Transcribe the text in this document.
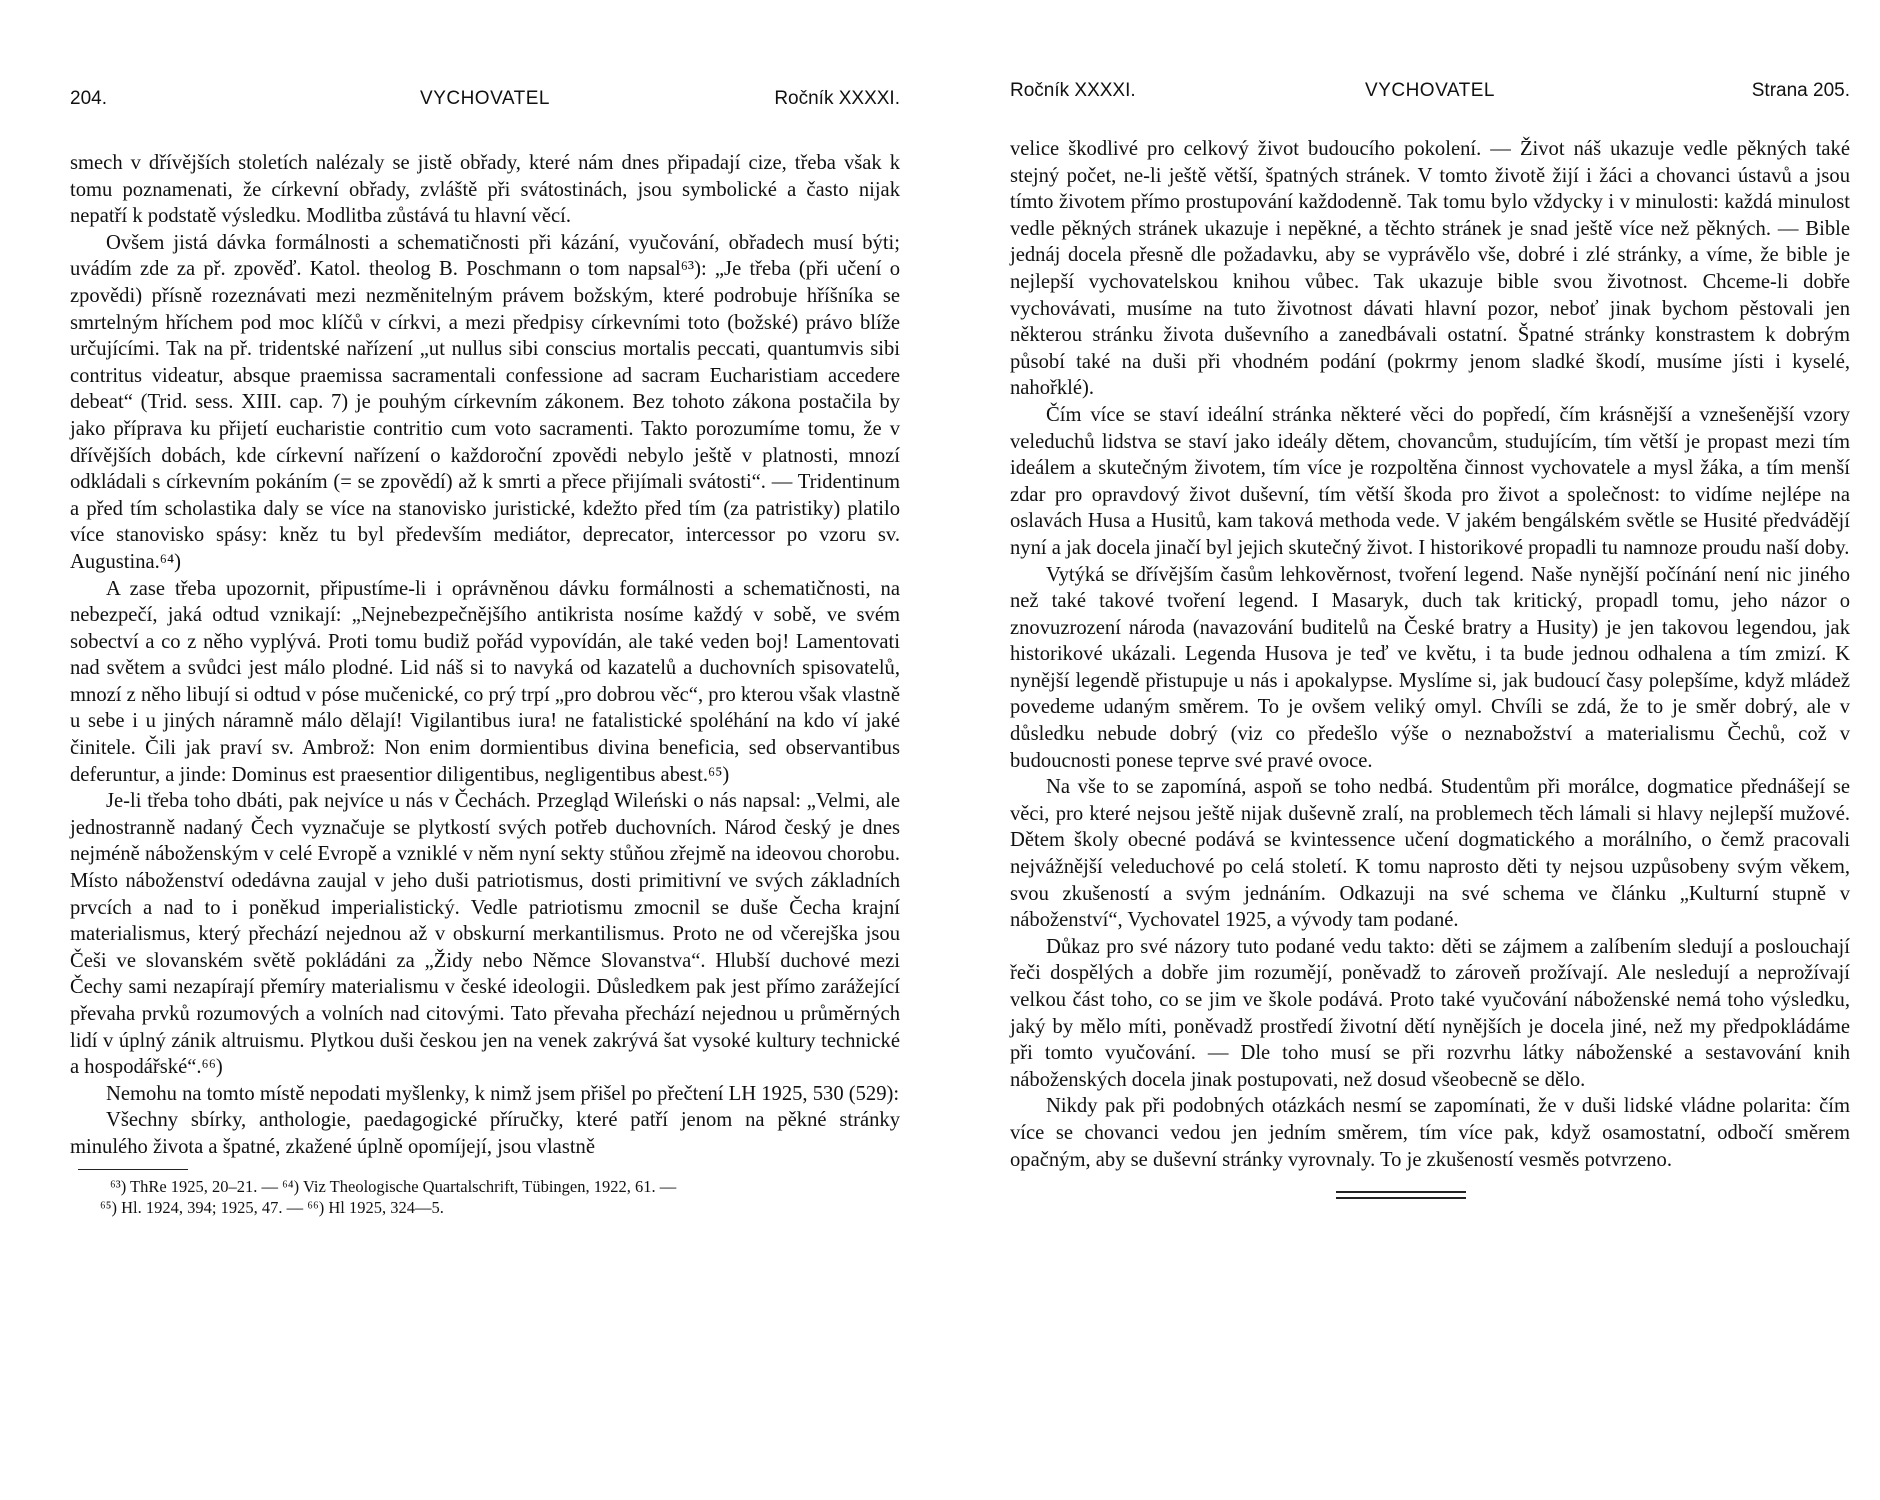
204.	VYCHOVATEL	Ročník XXXXI.

smech v dřívějších stoletích nalézaly se jistě obřady, které nám dnes připadají cize, třeba však k tomu poznamenati, že církevní obřady, zvláště při svátostinách, jsou symbolické a často nijak nepatří k podstatě výsledku. Modlitba zůstává tu hlavní věcí.

Ovšem jistá dávka formálnosti a schematičnosti při kázání, vyučování, obřadech musí býti; uvádím zde za př. zpověď. Katol. theolog B. Poschmann o tom napsal⁶³): „Je třeba (při učení o zpovědi) přísně rozeznávati mezi nezměnitelným právem božským, které podrobuje hříšníka se smrtelným hříchem pod moc klíčů v církvi, a mezi předpisy církevními toto (božské) právo blíže určujícími. Tak na př. tridentské nařízení „ut nullus sibi conscius mortalis peccati, quantumvis sibi contritus videatur, absque praemissa sacramentali confessione ad sacram Eucharistiam accedere debeat“ (Trid. sess. XIII. cap. 7) je pouhým církevním zákonem. Bez tohoto zákona postačila by jako příprava ku přijetí eucharistie contritio cum voto sacramenti. Takto porozumíme tomu, že v dřívějších dobách, kde církevní nařízení o každoroční zpovědi nebylo ještě v platnosti, mnozí odkládali s církevním pokáním (= se zpovědí) až k smrti a přece přijímali svátosti“. — Tridentinum a před tím scholastika daly se více na stanovisko juristické, kdežto před tím (za patristiky) platilo více stanovisko spásy: kněz tu byl především mediátor, deprecator, intercessor po vzoru sv. Augustina.⁶⁴)

A zase třeba upozornit, připustíme-li i oprávněnou dávku formálnosti a schematičnosti, na nebezpečí, jaká odtud vznikají: „Nejnebezpečnějšího antikrista nosíme každý v sobě, ve svém sobectví a co z něho vyplývá. Proti tomu budiž pořád vypovídán, ale také veden boj! Lamentovati nad světem a svůdci jest málo plodné. Lid náš si to navyká od kazatelů a duchovních spisovatelů, mnozí z něho libují si odtud v póse mučenické, co prý trpí „pro dobrou věc“, pro kterou však vlastně u sebe i u jiných náramně málo dělají! Vigilantibus iura! ne fatalistické spoléhání na kdo ví jaké činitele. Čili jak praví sv. Ambrož: Non enim dormientibus divina beneficia, sed observantibus deferuntur, a jinde: Dominus est praesentior diligentibus, negligentibus abest.⁶⁵)

Je-li třeba toho dbáti, pak nejvíce u nás v Čechách. Przegląd Wileński o nás napsal: „Velmi, ale jednostranně nadaný Čech vyznačuje se plytkostí svých potřeb duchovních. Národ český je dnes nejméně náboženským v celé Evropě a vzniklé v něm nyní sekty stůňou zřejmě na ideovou chorobu. Místo náboženství odedávna zaujal v jeho duši patriotismus, dosti primitivní ve svých základních prvcích a nad to i poněkud imperialistický. Vedle patriotismu zmocnil se duše Čecha krajní materialismus, který přechází nejednou až v obskurní merkantilismus. Proto ne od včerejška jsou Češi ve slovanském světě pokládáni za „Židy nebo Němce Slovanstva“. Hlubší duchové mezi Čechy sami nezapírají přemíry materialismu v české ideologii. Důsledkem pak jest přímo zarážející převaha prvků rozumových a volních nad citovými. Tato převaha přechází nejednou u průměrných lidí v úplný zánik altruismu. Plytkou duši českou jen na venek zakrývá šat vysoké kultury technické a hospodářské“.⁶⁶)

Nemohu na tomto místě nepodati myšlenky, k nimž jsem přišel po přečtení LH 1925, 530 (529):

Všechny sbírky, anthologie, paedagogické příručky, které patří jenom na pěkné stránky minulého života a špatné, zkažené úplně opomíjejí, jsou vlastně

⁶³) ThRe 1925, 20–21. — ⁶⁴) Viz Theologische Quartalschrift, Tübingen, 1922, 61. —

⁶⁵) Hl. 1924, 394; 1925, 47. — ⁶⁶) Hl 1925, 324—5.

Ročník XXXXI.	VYCHOVATEL	Strana 205.

velice škodlivé pro celkový život budoucího pokolení. — Život náš ukazuje vedle pěkných také stejný počet, ne-li ještě větší, špatných stránek. V tomto životě žijí i žáci a chovanci ústavů a jsou tímto životem přímo prostupování každodenně. Tak tomu bylo vždycky i v minulosti: každá minulost vedle pěkných stránek ukazuje i nepěkné, a těchto stránek je snad ještě více než pěkných. — Bible jednáj docela přesně dle požadavku, aby se vyprávělo vše, dobré i zlé stránky, a víme, že bible je nejlepší vychovatelskou knihou vůbec. Tak ukazuje bible svou životnost. Chceme-li dobře vychovávati, musíme na tuto životnost dávati hlavní pozor, neboť jinak bychom pěstovali jen některou stránku života duševního a zanedbávali ostatní. Špatné stránky konstrastem k dobrým působí také na duši při vhodném podání (pokrmy jenom sladké škodí, musíme jísti i kyselé, nahořklé).

Čím více se staví ideální stránka některé věci do popředí, čím krásnější a vznešenější vzory veleduchů lidstva se staví jako ideály dětem, chovancům, studujícím, tím větší je propast mezi tím ideálem a skutečným životem, tím více je rozpoltěna činnost vychovatele a mysl žáka, a tím menší zdar pro opravdový život duševní, tím větší škoda pro život a společnost: to vidíme nejlépe na oslavách Husa a Husitů, kam taková methoda vede. V jakém bengálském světle se Husité předvádějí nyní a jak docela jinačí byl jejich skutečný život. I historikové propadli tu namnoze proudu naší doby.

Vytýká se dřívějším časům lehkověrnost, tvoření legend. Naše nynější počínání není nic jiného než také takové tvoření legend. I Masaryk, duch tak kritický, propadl tomu, jeho názor o znovuzrození národa (navazování buditelů na České bratry a Husity) je jen takovou legendou, jak historikové ukázali. Legenda Husova je teď ve květu, i ta bude jednou odhalena a tím zmizí. K nynější legendě přistupuje u nás i apokalypse. Myslíme si, jak budoucí časy polepšíme, když mládež povedeme udaným směrem. To je ovšem veliký omyl. Chvíli se zdá, že to je směr dobrý, ale v důsledku nebude dobrý (viz co předešlo výše o neznabožství a materialismu Čechů, což v budoucnosti ponese teprve své pravé ovoce.

Na vše to se zapomíná, aspoň se toho nedbá. Studentům při morálce, dogmatice přednášejí se věci, pro které nejsou ještě nijak duševně zralí, na problemech těch lámali si hlavy nejlepší mužové. Dětem školy obecné podává se kvintessence učení dogmatického a morálního, o čemž pracovali nejvážnější veleduchové po celá století. K tomu naprosto děti ty nejsou uzpůsobeny svým věkem, svou zkušeností a svým jednáním. Odkazuji na své schema ve článku „Kulturní stupně v náboženství“, Vychovatel 1925, a vývody tam podané.

Důkaz pro své názory tuto podané vedu takto: děti se zájmem a zalíbením sledují a poslouchají řeči dospělých a dobře jim rozumějí, poněvadž to zároveň prožívají. Ale nesledují a neprožívají velkou část toho, co se jim ve škole podává. Proto také vyučování náboženské nemá toho výsledku, jaký by mělo míti, poněvadž prostředí životní dětí nynějších je docela jiné, než my předpokládáme při tomto vyučování. — Dle toho musí se při rozvrhu látky náboženské a sestavování knih náboženských docela jinak postupovati, než dosud všeobecně se dělo.

Nikdy pak při podobných otázkách nesmí se zapomínati, že v duši lidské vládne polarita: čím více se chovanci vedou jen jedním směrem, tím více pak, když osamostatní, odbočí směrem opačným, aby se duševní stránky vyrovnaly. To je zkušeností vesměs potvrzeno.
